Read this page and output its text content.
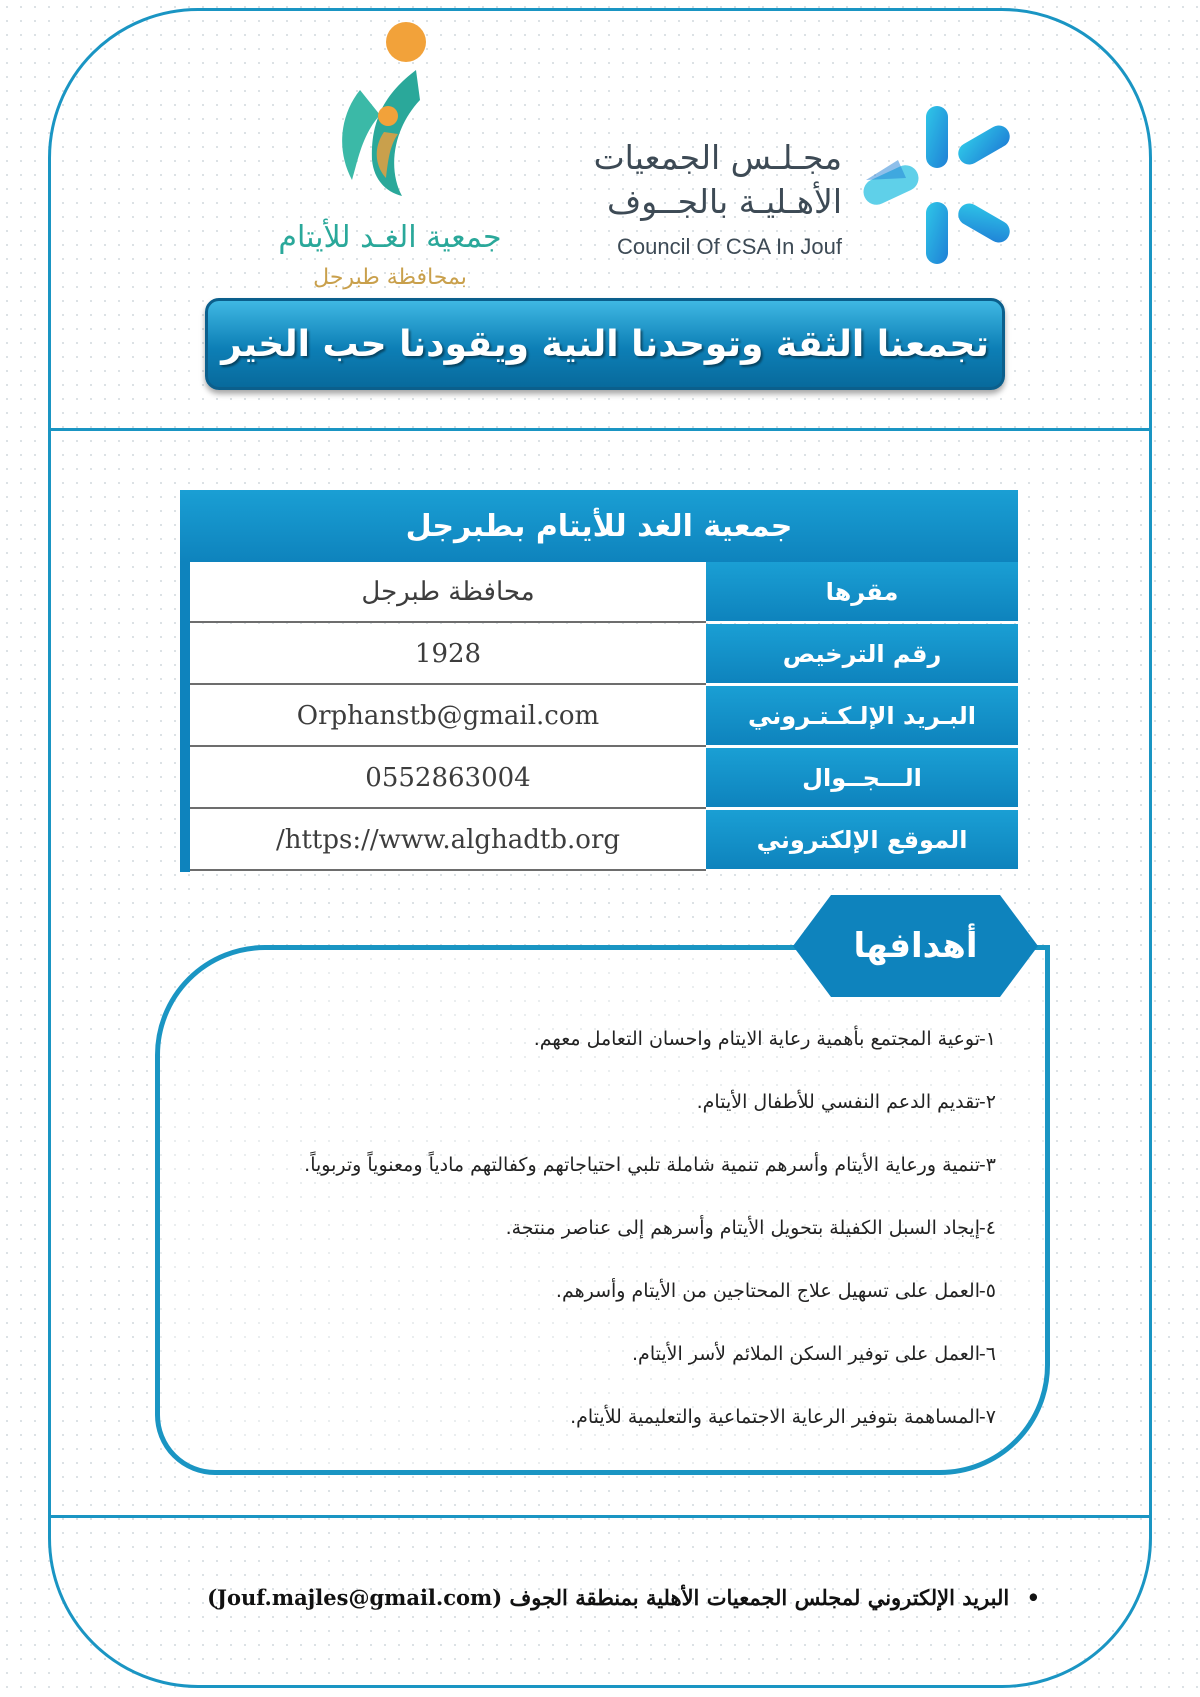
جمعية الغـد للأيتام
بمحافظة طبرجل
مجـلـس الجمعيات
الأهـليـة بالجــوف
Council Of CSA In Jouf
تجمعنا الثقة وتوحدنا النية ويقودنا حب الخير
جمعية الغد للأيتام بطبرجل
محافظة طبرجل	مقرها
1928	رقم الترخيص
Orphanstb@gmail.com	البـريد الإلـكـتـروني
0552863004	الـــجــوال
/https://www.alghadtb.org	الموقع الإلكتروني
أهدافها
١-
توعية المجتمع بأهمية رعاية الايتام واحسان التعامل معهم.
٢-
تقديم الدعم النفسي للأطفال الأيتام.
٣-
تنمية ورعاية الأيتام وأسرهم تنمية شاملة تلبي احتياجاتهم وكفالتهم مادياً ومعنوياً وتربوياً.
٤-
إيجاد السبل الكفيلة بتحويل الأيتام وأسرهم إلى عناصر منتجة.
٥-
العمل على تسهيل علاج المحتاجين من الأيتام وأسرهم.
٦-
العمل على توفير السكن الملائم لأسر الأيتام.
٧-
المساهمة بتوفير الرعاية الاجتماعية والتعليمية للأيتام.
• البريد الإلكتروني لمجلس الجمعيات الأهلية بمنطقة الجوف (Jouf.majles@gmail.com)
